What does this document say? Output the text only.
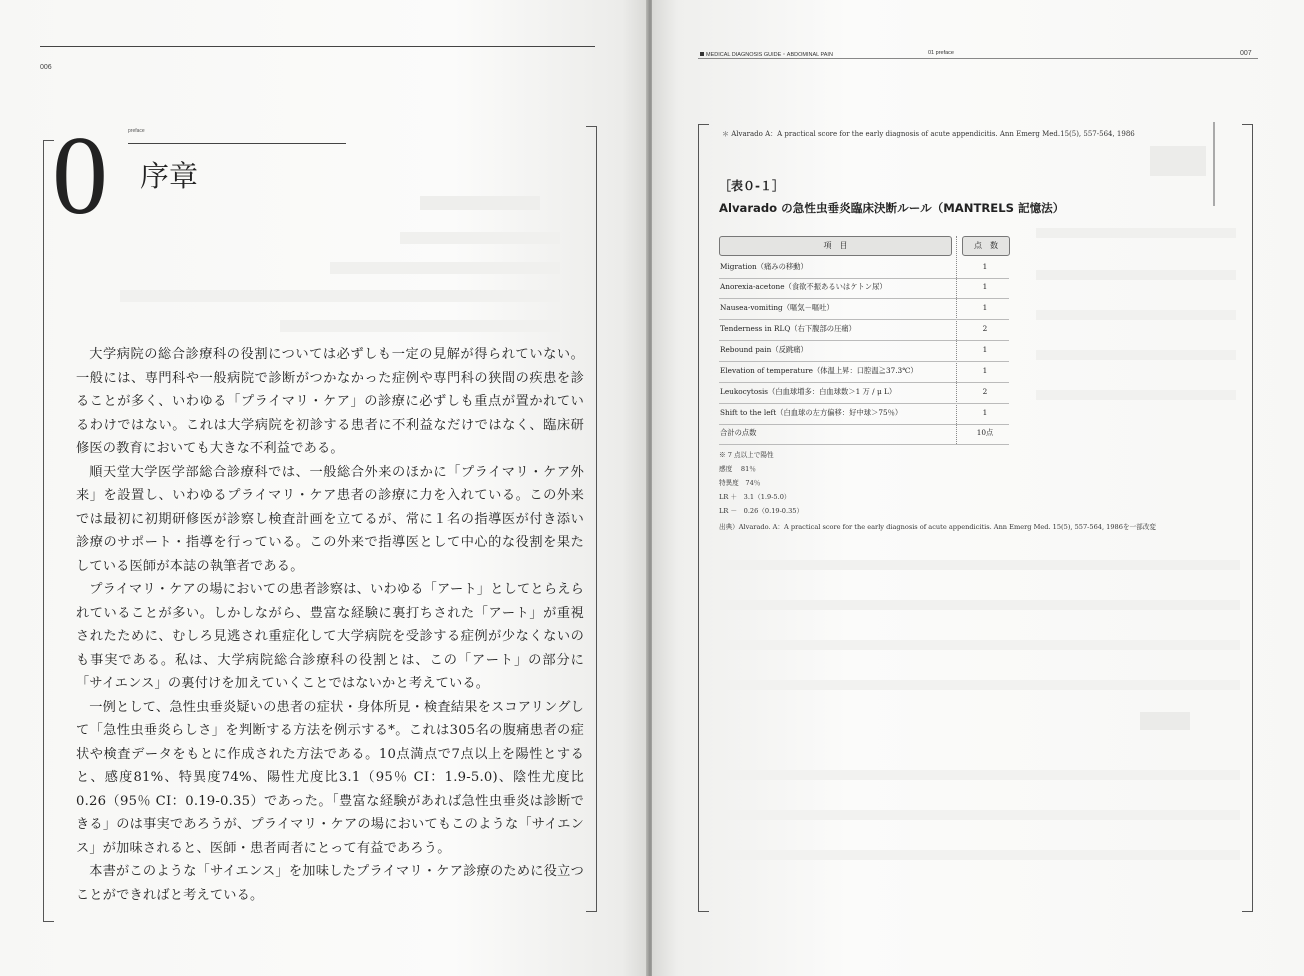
006
0	preface
序章

大学病院の総合診療科の役割については必ずしも一定の見解が得られていない。一般には、専門科や一般病院で診断がつかなかった症例や専門科の狭間の疾患を診ることが多く、いわゆる「プライマリ・ケア」の診療に必ずしも重点が置かれているわけではない。これは大学病院を初診する患者に不利益なだけではなく、臨床研修医の教育においても大きな不利益である。

順天堂大学医学部総合診療科では、一般総合外来のほかに「プライマリ・ケア外来」を設置し、いわゆるプライマリ・ケア患者の診療に力を入れている。この外来では最初に初期研修医が診察し検査計画を立てるが、常に１名の指導医が付き添い診療のサポート・指導を行っている。この外来で指導医として中心的な役割を果たしている医師が本誌の執筆者である。

プライマリ・ケアの場においての患者診察は、いわゆる「アート」としてとらえられていることが多い。しかしながら、豊富な経験に裏打ちされた「アート」が重視されたために、むしろ見逃され重症化して大学病院を受診する症例が少なくないのも事実である。私は、大学病院総合診療科の役割とは、この「アート」の部分に「サイエンス」の裏付けを加えていくことではないかと考えている。

一例として、急性虫垂炎疑いの患者の症状・身体所見・検査結果をスコアリングして「急性虫垂炎らしさ」を判断する方法を例示する*。これは305名の腹痛患者の症状や検査データをもとに作成された方法である。10点満点で7点以上を陽性とすると、感度81%、特異度74%、陽性尤度比3.1（95％ CI：1.9-5.0)、陰性尤度比0.26（95％ CI：0.19-0.35）であった。「豊富な経験があれば急性虫垂炎は診断できる」のは事実であろうが、プライマリ・ケアの場においてもこのような「サイエンス」が加味されると、医師・患者両者にとって有益であろう。

本書がこのような「サイエンス」を加味したプライマリ・ケア診療のために役立つことができればと考えている。

MEDICAL DIAGNOSIS GUIDE・ABDOMINAL PAIN	01 preface	007
＊ Alvarado A：A practical score for the early diagnosis of acute appendicitis. Ann Emerg Med.15(5), 557-564, 1986
［表０-１］
Alvarado の急性虫垂炎臨床決断ルール（MANTRELS 記憶法）
項　目	点　数
Migration（痛みの移動）	1
Anorexia-acetone（食欲不振あるいはケトン尿）	1
Nausea-vomiting（嘔気－嘔吐）	1
Tenderness in RLQ（右下腹部の圧痛）	2
Rebound pain（反跳痛）	1
Elevation of temperature（体温上昇：口腔温≧37.3℃）	1
Leukocytosis（白血球増多：白血球数＞1 万 / μ L）	2
Shift to the left（白血球の左方偏移：好中球＞75％）	1
合計の点数	10点
※ 7 点以上で陽性
感度　 81％
特異度　74％
LR ＋　3.1（1.9-5.0）
LR －　0.26（0.19-0.35）
出典）Alvarado. A：A practical score for the early diagnosis of acute appendicitis. Ann Emerg Med. 15(5), 557-564, 1986を一部改変
